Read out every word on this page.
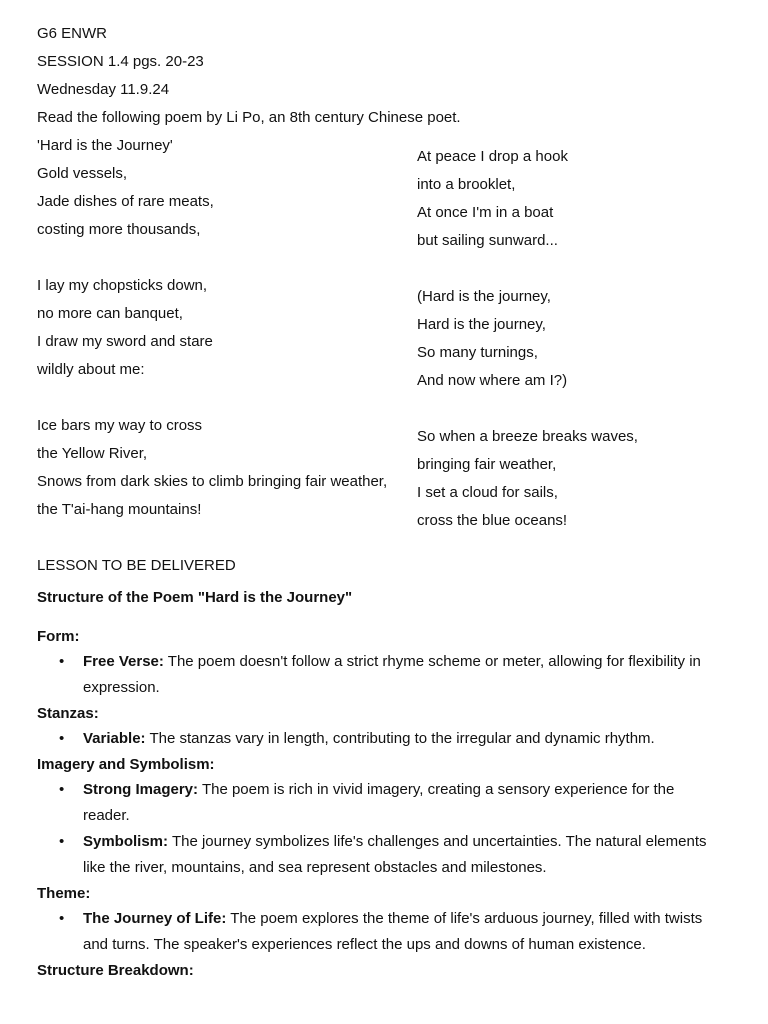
G6 ENWR
SESSION 1.4 pgs. 20-23
Wednesday 11.9.24
Read the following poem by Li Po, an 8th century Chinese poet.
'Hard is the Journey'
Gold vessels,
Jade dishes of rare meats,
costing more thousands,
I lay my chopsticks down,
no more can banquet,
I draw my sword and stare
wildly about me:
Ice bars my way to cross
the Yellow River,
Snows from dark skies to climb bringing fair weather,
the T'ai-hang mountains!
At peace I drop a hook
into a brooklet,
At once I'm in a boat
but sailing sunward...
(Hard is the journey,
Hard is the journey,
So many turnings,
And now where am I?)
So when a breeze breaks waves,
bringing fair weather,
I set a cloud for sails,
cross the blue oceans!
LESSON TO BE DELIVERED
Structure of the Poem "Hard is the Journey"
Form:
• Free Verse: The poem doesn't follow a strict rhyme scheme or meter, allowing for flexibility in
expression.
Stanzas:
• Variable: The stanzas vary in length, contributing to the irregular and dynamic rhythm.
Imagery and Symbolism:
• Strong Imagery: The poem is rich in vivid imagery, creating a sensory experience for the
reader.
• Symbolism: The journey symbolizes life's challenges and uncertainties. The natural elements
like the river, mountains, and sea represent obstacles and milestones.
Theme:
• The Journey of Life: The poem explores the theme of life's arduous journey, filled with twists
and turns. The speaker's experiences reflect the ups and downs of human existence.
Structure Breakdown:
